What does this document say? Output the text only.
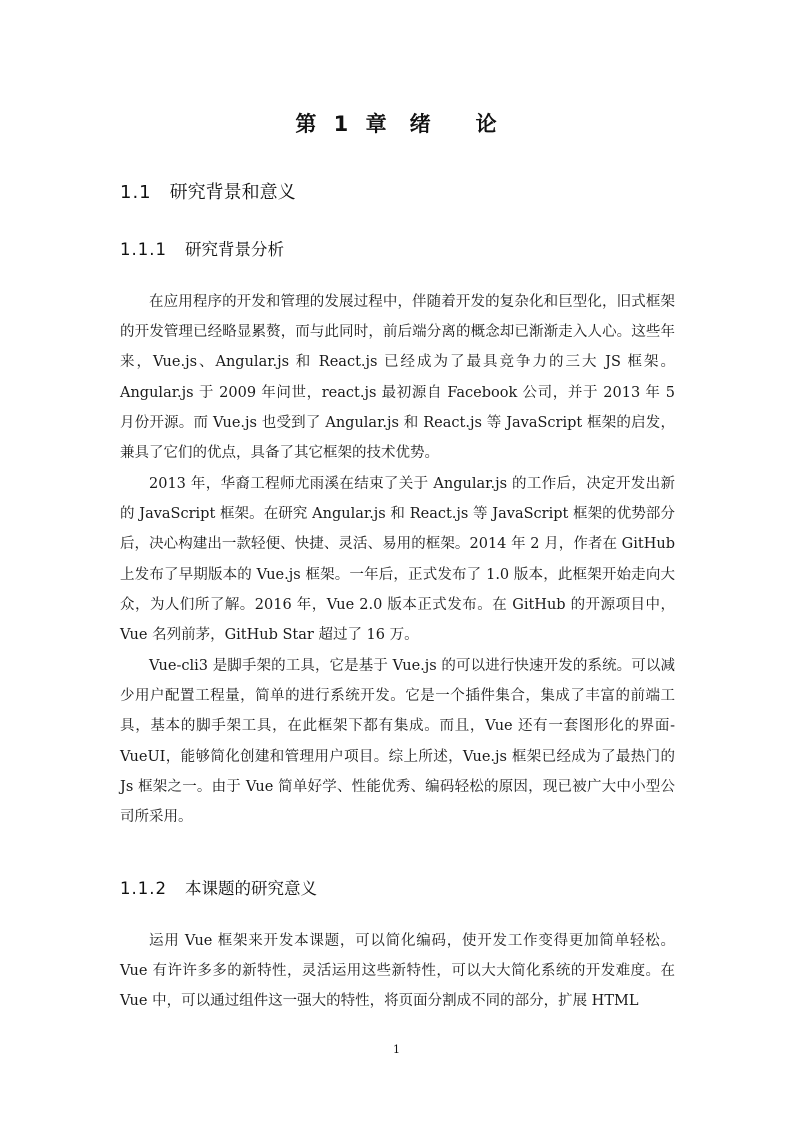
第 1 章　绪　　论
1.1 研究背景和意义
1.1.1 研究背景分析

在应用程序的开发和管理的发展过程中，伴随着开发的复杂化和巨型化，旧式框架的开发管理已经略显累赘，而与此同时，前后端分离的概念却已渐渐走入人心。这些年来，Vue.js、Angular.js 和 React.js 已经成为了最具竞争力的三大 JS 框架。Angular.js 于 2009 年问世，react.js 最初源自 Facebook 公司，并于 2013 年 5 月份开源。而 Vue.js 也受到了 Angular.js 和 React.js 等 JavaScript 框架的启发，兼具了它们的优点，具备了其它框架的技术优势。

2013 年，华裔工程师尤雨溪在结束了关于 Angular.js 的工作后，决定开发出新的 JavaScript 框架。在研究 Angular.js 和 React.js 等 JavaScript 框架的优势部分后，决心构建出一款轻便、快捷、灵活、易用的框架。2014 年 2 月，作者在 GitHub 上发布了早期版本的 Vue.js 框架。一年后，正式发布了 1.0 版本，此框架开始走向大众，为人们所了解。2016 年，Vue 2.0 版本正式发布。在 GitHub 的开源项目中，Vue 名列前茅，GitHub Star 超过了 16 万。

Vue-cli3 是脚手架的工具，它是基于 Vue.js 的可以进行快速开发的系统。可以减少用户配置工程量，简单的进行系统开发。它是一个插件集合，集成了丰富的前端工具，基本的脚手架工具，在此框架下都有集成。而且，Vue 还有一套图形化的界面-VueUI，能够简化创建和管理用户项目。综上所述，Vue.js 框架已经成为了最热门的 Js 框架之一。由于 Vue 简单好学、性能优秀、编码轻松的原因，现已被广大中小型公司所采用。

1.1.2 本课题的研究意义

运用 Vue 框架来开发本课题，可以简化编码，使开发工作变得更加简单轻松。Vue 有许许多多的新特性，灵活运用这些新特性，可以大大简化系统的开发难度。在 Vue 中，可以通过组件这一强大的特性，将页面分割成不同的部分，扩展 HTML

1
